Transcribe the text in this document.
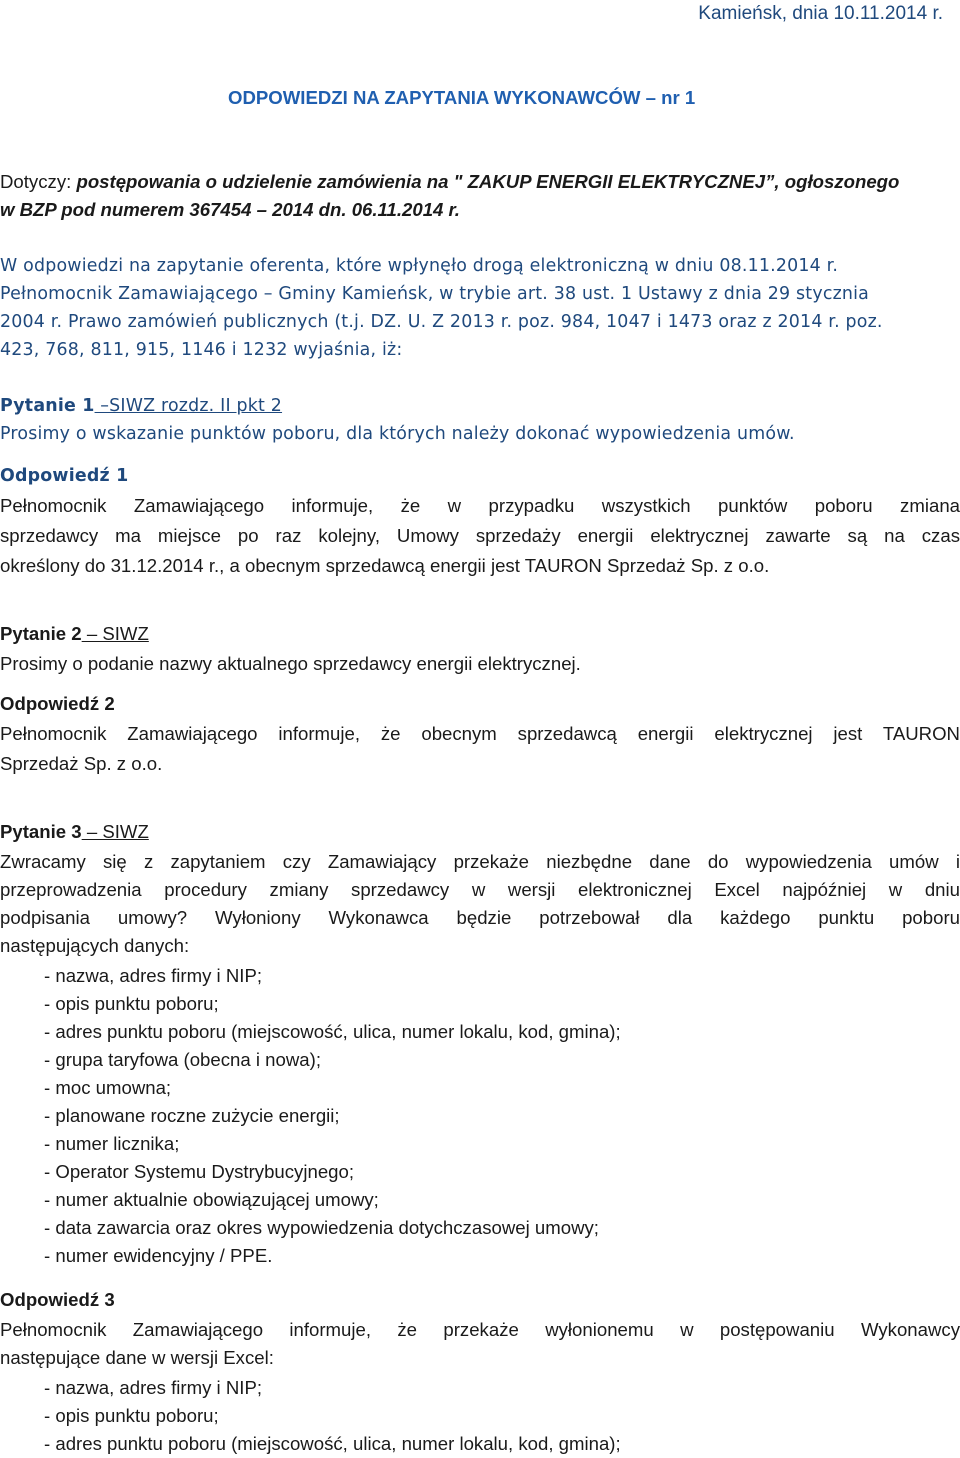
Kamieńsk, dnia 10.11.2014 r.
ODPOWIEDZI NA ZAPYTANIA WYKONAWCÓW – nr 1
Dotyczy: postępowania o udzielenie zamówienia na " ZAKUP ENERGII ELEKTRYCZNEJ”, ogłoszonego
w BZP pod numerem 367454 – 2014 dn. 06.11.2014 r.
W odpowiedzi na zapytanie oferenta, które wpłynęło drogą elektroniczną w dniu 08.11.2014 r.
Pełnomocnik Zamawiającego – Gminy Kamieńsk, w trybie art. 38 ust. 1 Ustawy z dnia 29 stycznia
2004 r. Prawo zamówień publicznych (t.j. DZ. U. Z 2013 r. poz. 984, 1047 i 1473 oraz z 2014 r. poz.
423, 768, 811, 915, 1146 i 1232 wyjaśnia, iż:
Pytanie 1 –SIWZ rozdz. II pkt 2
Prosimy o wskazanie punktów poboru, dla których należy dokonać wypowiedzenia umów.
Odpowiedź 1
Pełnomocnik Zamawiającego informuje, że w przypadku wszystkich punktów poboru zmiana
sprzedawcy ma miejsce po raz kolejny, Umowy sprzedaży energii elektrycznej zawarte są na czas
określony do 31.12.2014 r., a obecnym sprzedawcą energii jest TAURON Sprzedaż Sp. z o.o.
Pytanie 2 – SIWZ
Prosimy o podanie nazwy aktualnego sprzedawcy energii elektrycznej.
Odpowiedź 2
Pełnomocnik Zamawiającego informuje, że obecnym sprzedawcą energii elektrycznej jest TAURON
Sprzedaż Sp. z o.o.
Pytanie 3 – SIWZ
Zwracamy się z zapytaniem czy Zamawiający przekaże niezbędne dane do wypowiedzenia umów i
przeprowadzenia procedury zmiany sprzedawcy w wersji elektronicznej Excel najpóźniej w dniu
podpisania umowy? Wyłoniony Wykonawca będzie potrzebował dla każdego punktu poboru
następujących danych:
- nazwa, adres firmy i NIP;
- opis punktu poboru;
- adres punktu poboru (miejscowość, ulica, numer lokalu, kod, gmina);
- grupa taryfowa (obecna i nowa);
- moc umowna;
- planowane roczne zużycie energii;
- numer licznika;
- Operator Systemu Dystrybucyjnego;
- numer aktualnie obowiązującej umowy;
- data zawarcia oraz okres wypowiedzenia dotychczasowej umowy;
- numer ewidencyjny / PPE.
Odpowiedź 3
Pełnomocnik Zamawiającego informuje, że przekaże wyłonionemu w postępowaniu Wykonawcy
następujące dane w wersji Excel:
- nazwa, adres firmy i NIP;
- opis punktu poboru;
- adres punktu poboru (miejscowość, ulica, numer lokalu, kod, gmina);
